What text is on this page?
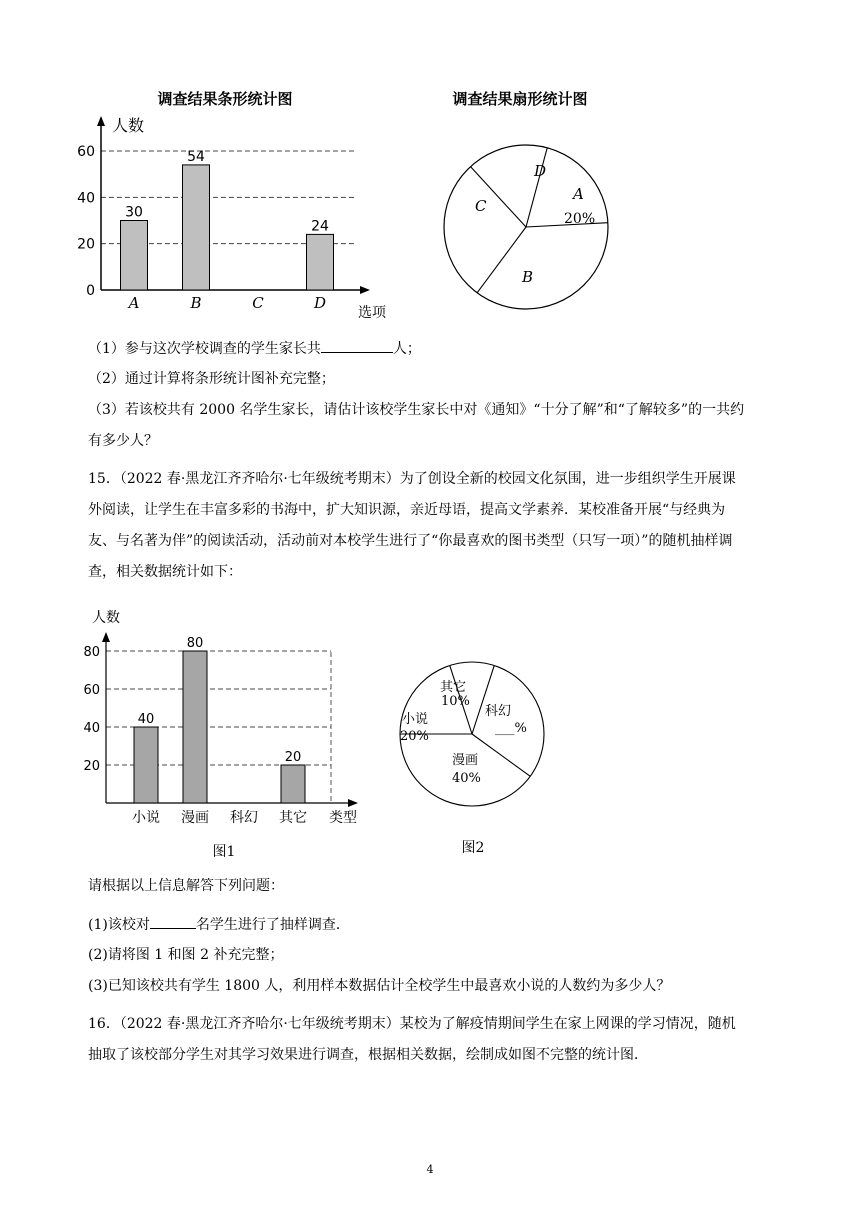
调查结果条形统计图
人数
选项
0
20
40
60
A	B	C	D
30
54
24
调查结果扇形统计图
D
C
A
20%
B
（1）参与这次学校调查的学生家长共	人；
（2）通过计算将条形统计图补充完整；
（3）若该校共有 2000 名学生家长，请估计该校学生家长中对《通知》“十分了解”和“了解较多”的一共约
有多少人？
15．（2022 春·黑龙江齐齐哈尔·七年级统考期末）为了创设全新的校园文化氛围，进一步组织学生开展课
外阅读，让学生在丰富多彩的书海中，扩大知识源，亲近母语，提高文学素养．某校准备开展“与经典为
友、与名著为伴”的阅读活动，活动前对本校学生进行了“你最喜欢的图书类型（只写一项）”的随机抽样调
查，相关数据统计如下：
人数
20
40
60
80
小说 漫画 科幻 其它
40
80
20
类型
图1
其它
10%
科幻
___%
小说
20%
漫画
40%
图2
请根据以上信息解答下列问题：
(1)该校对	名学生进行了抽样调查．
(2)请将图 1 和图 2 补充完整；
(3)已知该校共有学生 1800 人，利用样本数据估计全校学生中最喜欢小说的人数约为多少人？
16．（2022 春·黑龙江齐齐哈尔·七年级统考期末）某校为了解疫情期间学生在家上网课的学习情况，随机
抽取了该校部分学生对其学习效果进行调查，根据相关数据，绘制成如图不完整的统计图．
4
